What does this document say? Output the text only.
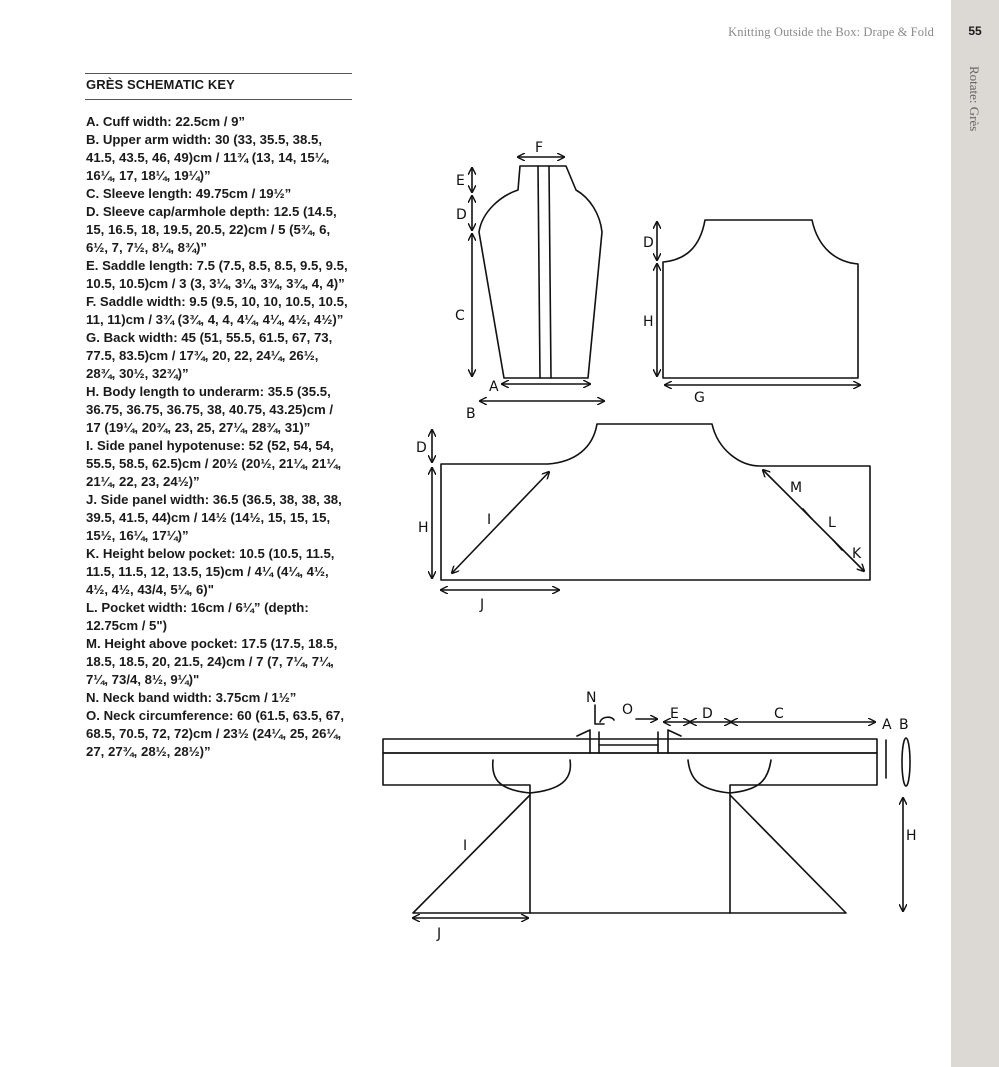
55
Rotate: Grès
Knitting Outside the Box: Drape & Fold
GRÈS SCHEMATIC KEY
A. Cuff width: 22.5cm / 9”
B. Upper arm width: 30 (33, 35.5, 38.5, 41.5, 43.5, 46, 49)cm / 11¾ (13, 14, 15¼, 16¼, 17, 18¼, 19¼)”
C. Sleeve length: 49.75cm / 19½”
D. Sleeve cap/armhole depth: 12.5 (14.5, 15, 16.5, 18, 19.5, 20.5, 22)cm / 5 (5¾, 6, 6½, 7, 7½, 8¼, 8¾)”
E. Saddle length: 7.5 (7.5, 8.5, 8.5, 9.5, 9.5, 10.5, 10.5)cm / 3 (3, 3¼, 3¼, 3¾, 3¾, 4, 4)”
F. Saddle width: 9.5 (9.5, 10, 10, 10.5, 10.5, 11, 11)cm / 3¾ (3¾, 4, 4, 4¼, 4¼, 4½, 4½)”
G. Back width: 45 (51, 55.5, 61.5, 67, 73, 77.5, 83.5)cm / 17¾, 20, 22, 24¼, 26½, 28¾, 30½, 32¾)”
H. Body length to underarm: 35.5 (35.5, 36.75, 36.75, 36.75, 38, 40.75, 43.25)cm / 17 (19¼, 20¾, 23, 25, 27¼, 28¾, 31)”
I. Side panel hypotenuse: 52 (52, 54, 54, 55.5, 58.5, 62.5)cm / 20½ (20½, 21¼, 21¼, 21¼, 22, 23, 24½)”
J. Side panel width: 36.5 (36.5, 38, 38, 38, 39.5, 41.5, 44)cm / 14½ (14½, 15, 15, 15, 15½, 16¼, 17¼)”
K. Height below pocket: 10.5 (10.5, 11.5, 11.5, 11.5, 12, 13.5, 15)cm / 4¼ (4¼, 4½, 4½, 4½, 43/4, 5¼, 6)"
L. Pocket width: 16cm / 6¼” (depth: 12.75cm / 5")
M. Height above pocket: 17.5 (17.5, 18.5, 18.5, 18.5, 20, 21.5, 24)cm / 7 (7, 7¼, 7¼, 7¼, 73/4, 8½, 9¼)"
N. Neck band width: 3.75cm / 1½”
O. Neck circumference: 60 (61.5, 63.5, 67, 68.5, 70.5, 72, 72)cm / 23½ (24¼, 25, 26¼, 27, 27¾, 28½, 28½)”
F
E
D
C
A
B
D
H
G
D
H	I
M
L
K
J
N
O	E D	C
A B
H
I
J
